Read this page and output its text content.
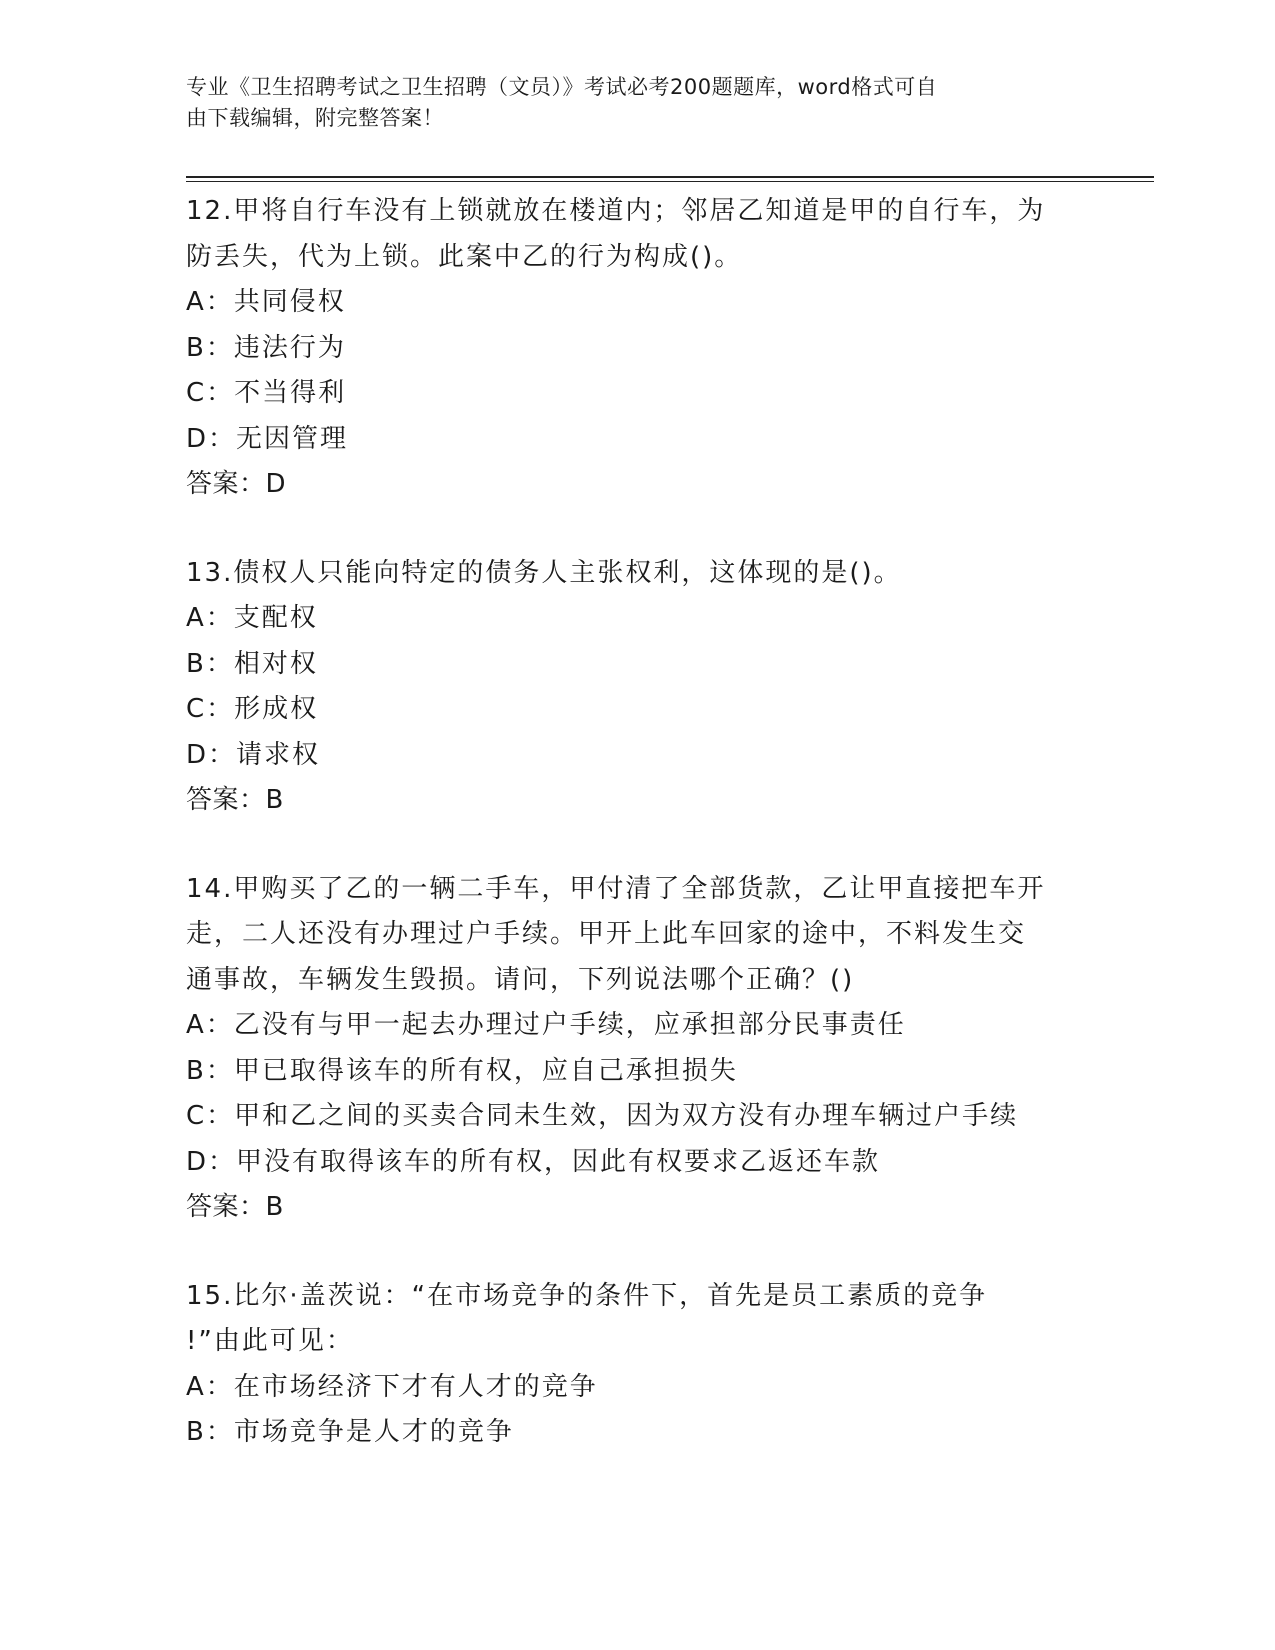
专业《卫生招聘考试之卫生招聘（文员）》考试必考200题题库，word格式可自
由下载编辑，附完整答案！
12.甲将自行车没有上锁就放在楼道内；邻居乙知道是甲的自行车，为
防丢失，代为上锁。此案中乙的行为构成()。
A：共同侵权
B：违法行为
C：不当得利
D：无因管理
答案：D
13.债权人只能向特定的债务人主张权利，这体现的是()。
A：支配权
B：相对权
C：形成权
D：请求权
答案：B
14.甲购买了乙的一辆二手车，甲付清了全部货款，乙让甲直接把车开
走，二人还没有办理过户手续。甲开上此车回家的途中，不料发生交
通事故，车辆发生毁损。请问，下列说法哪个正确？()
A：乙没有与甲一起去办理过户手续，应承担部分民事责任
B：甲已取得该车的所有权，应自己承担损失
C：甲和乙之间的买卖合同未生效，因为双方没有办理车辆过户手续
D：甲没有取得该车的所有权，因此有权要求乙返还车款
答案：B
15.比尔·盖茨说：“在市场竞争的条件下，首先是员工素质的竞争
!”由此可见：
A：在市场经济下才有人才的竞争
B：市场竞争是人才的竞争
